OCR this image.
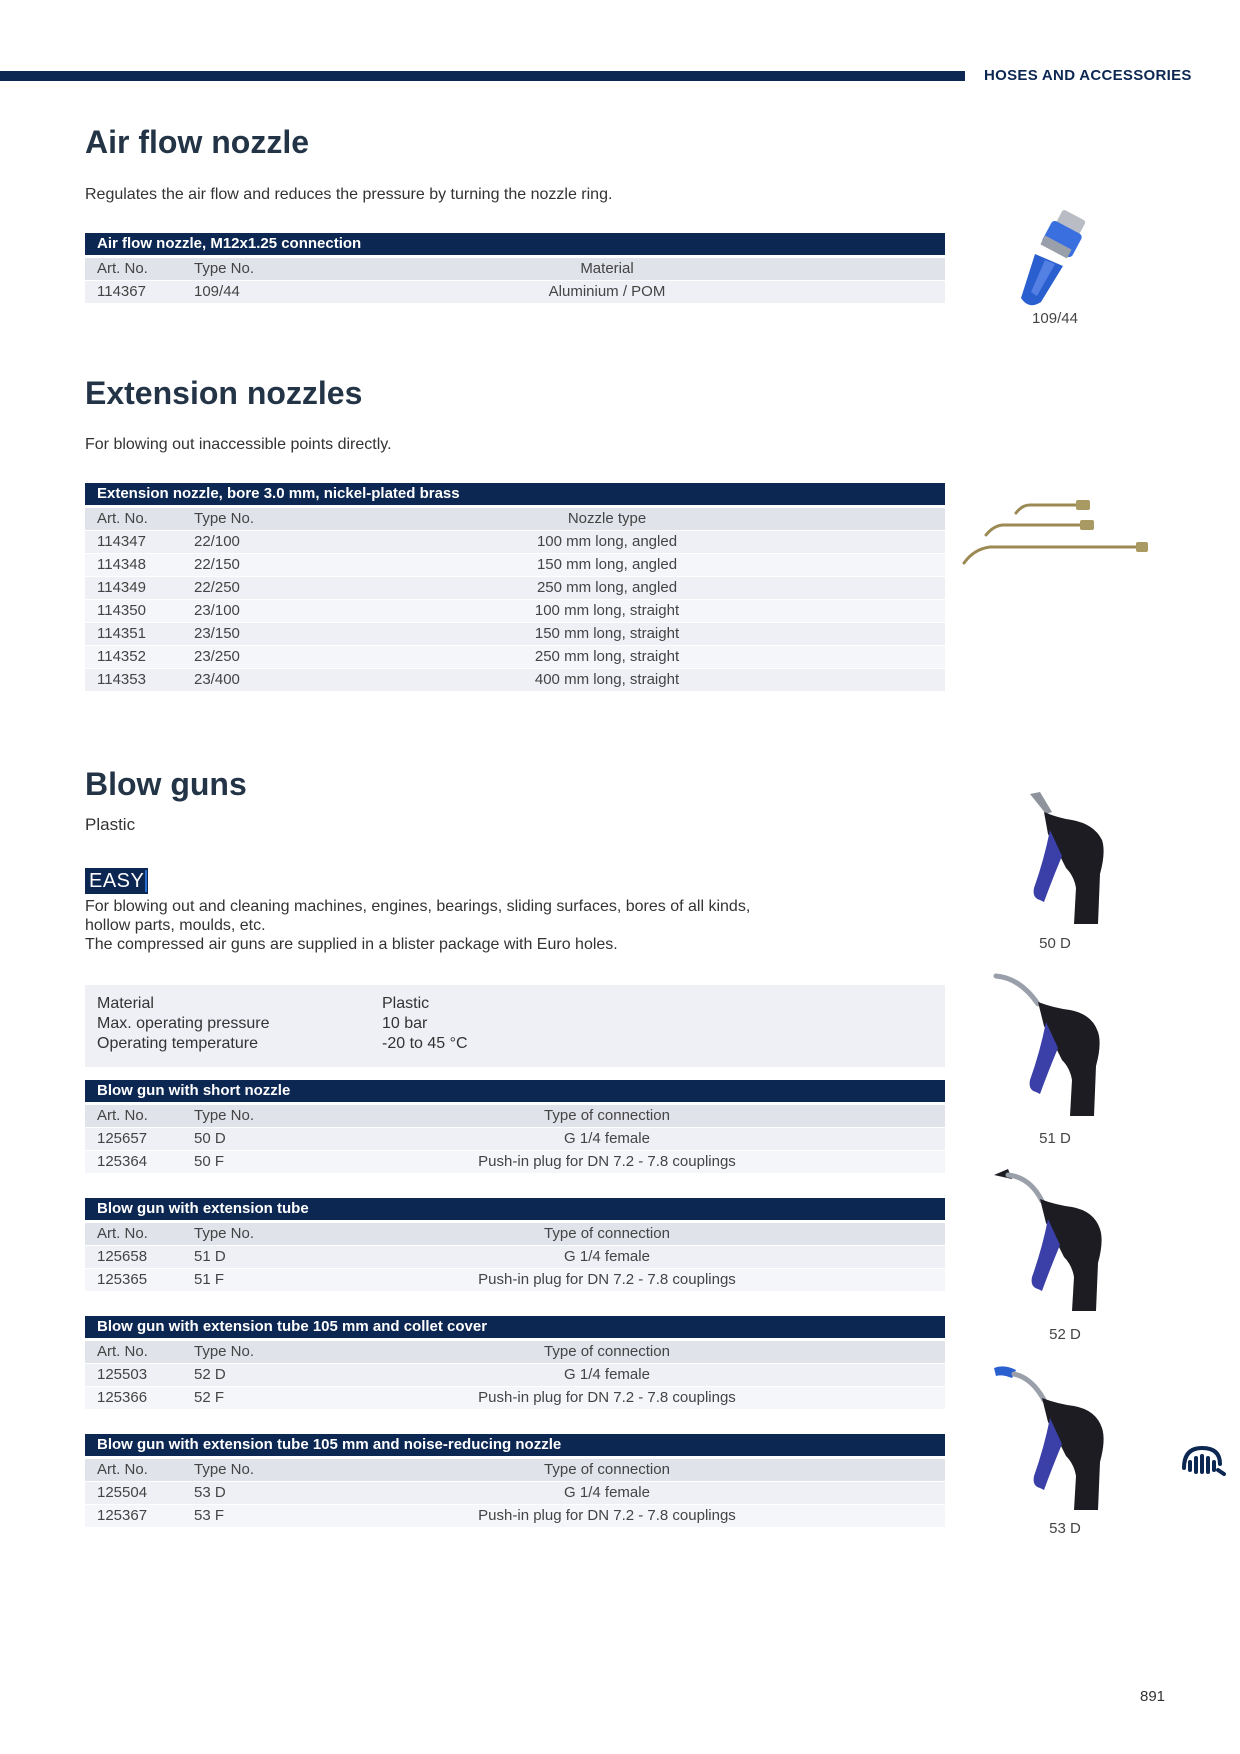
HOSES AND ACCESSORIES
Air flow nozzle
Regulates the air flow and reduces the pressure by turning the nozzle ring.
Air flow nozzle, M12x1.25 connection
Art. No.	Type No.	Material
114367	109/44	Aluminium / POM
109/44
Extension nozzles
For blowing out inaccessible points directly.
Extension nozzle, bore 3.0 mm, nickel-plated brass
Art. No.	Type No.	Nozzle type
114347	22/100	100 mm long, angled
114348	22/150	150 mm long, angled
114349	22/250	250 mm long, angled
114350	23/100	100 mm long, straight
114351	23/150	150 mm long, straight
114352	23/250	250 mm long, straight
114353	23/400	400 mm long, straight
Blow guns
Plastic
EASY
For blowing out and cleaning machines, engines, bearings, sliding surfaces, bores of all kinds,
hollow parts, moulds, etc.
The compressed air guns are supplied in a blister package with Euro holes.
Material	Plastic
Max. operating pressure	10 bar
Operating temperature	-20 to 45 °C
Blow gun with short nozzle
Art. No.	Type No.	Type of connection
125657	50 D	G 1/4 female
125364	50 F	Push-in plug for DN 7.2 - 7.8 couplings
Blow gun with extension tube
Art. No.	Type No.	Type of connection
125658	51 D	G 1/4 female
125365	51 F	Push-in plug for DN 7.2 - 7.8 couplings
Blow gun with extension tube 105 mm and collet cover
Art. No.	Type No.	Type of connection
125503	52 D	G 1/4 female
125366	52 F	Push-in plug for DN 7.2 - 7.8 couplings
Blow gun with extension tube 105 mm and noise-reducing nozzle
Art. No.	Type No.	Type of connection
125504	53 D	G 1/4 female
125367	53 F	Push-in plug for DN 7.2 - 7.8 couplings
50 D
51 D
52 D
53 D
891
